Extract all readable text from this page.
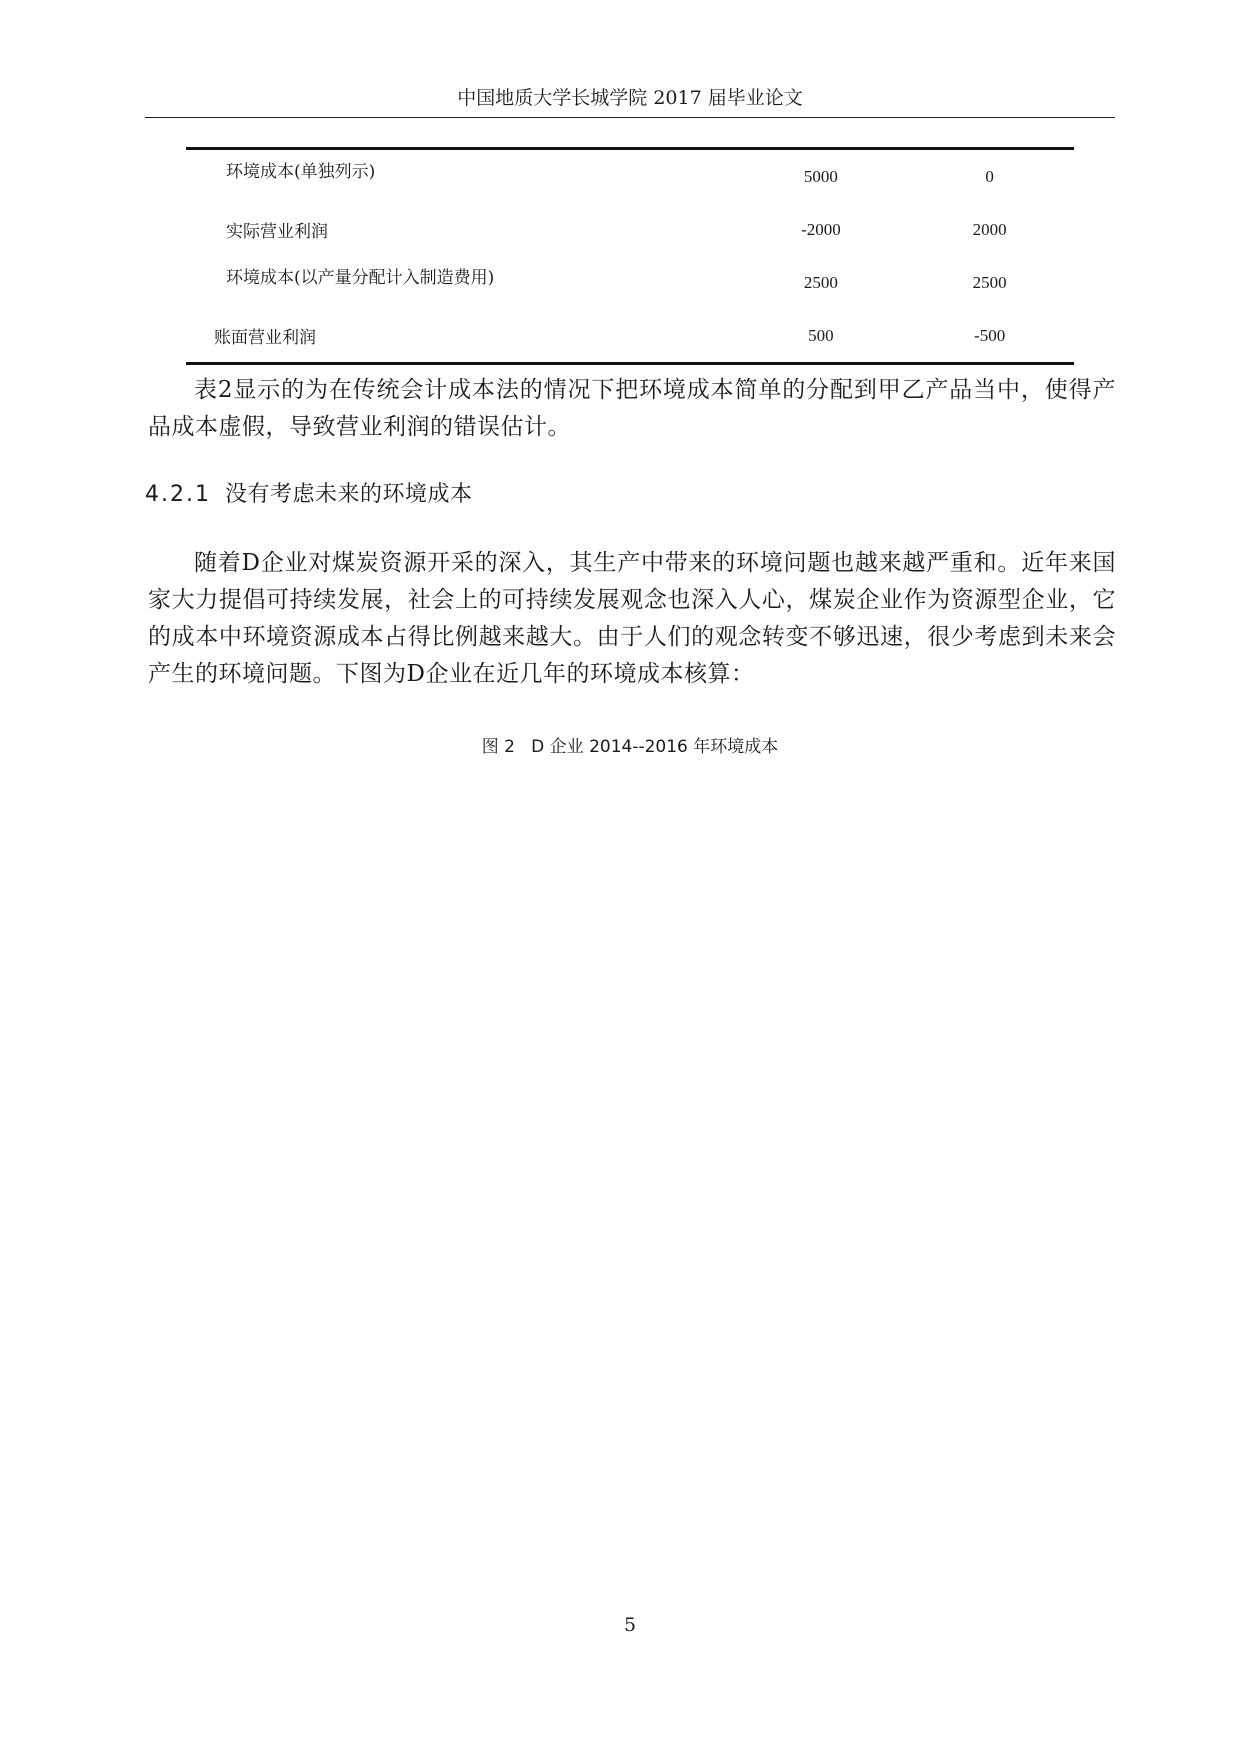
中国地质大学长城学院 2017 届毕业论文
环境成本(单独列示)	5000	0
实际营业利润	-2000	2000
环境成本(以产量分配计入制造费用)	2500	2500
账面营业利润	500	-500

表2显示的为在传统会计成本法的情况下把环境成本简单的分配到甲乙产品当中，使得产品成本虚假，导致营业利润的错误估计。

4.2.1 没有考虑未来的环境成本

随着D企业对煤炭资源开采的深入，其生产中带来的环境问题也越来越严重和。近年来国家大力提倡可持续发展，社会上的可持续发展观念也深入人心，煤炭企业作为资源型企业，它的成本中环境资源成本占得比例越来越大。由于人们的观念转变不够迅速，很少考虑到未来会产生的环境问题。下图为D企业在近几年的环境成本核算：

图 2   D 企业 2014--2016 年环境成本
5
